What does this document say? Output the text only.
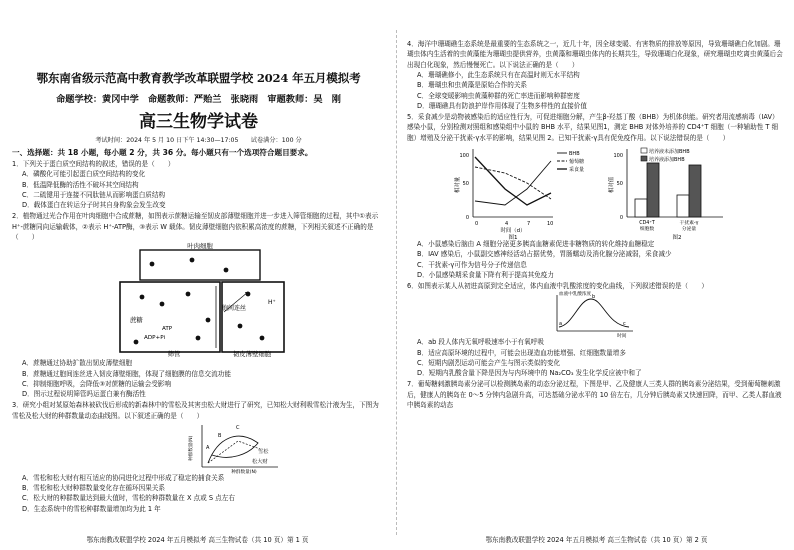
鄂东南省级示范高中教育教学改革联盟学校 2024 年五月模拟考
命题学校：黄冈中学　命题教师：严贻兰　张晓雨　审题教师：吴　刚
高三生物学试卷
考试时间：2024 年 5 月 10 日下午 14:30—17:05　　试卷满分：100 分
一、选择题：共 18 小题，每小题 2 分，共 36 分。每小题只有一个选项符合题目要求。
1．下列关于蛋白质空间结构的叙述，错误的是（　　）
A．磷酸化可能引起蛋白质空间结构的变化
B．低温降低酶的活性不破坏其空间结构
C．二硫键用于连接不同肽链从而影响蛋白质结构
D．载体蛋白在转运分子时其自身构象会发生改变
2．植物通过光合作用在叶肉细胞中合成蔗糖，如图表示蔗糖运输至韧皮部薄壁细胞并进一步进入筛管细胞的过程，其中①表示 H⁺-蔗糖同向运输载体，②表示 H⁺-ATP酶，③表示 W 载体。韧皮薄壁细胞内依积累高浓度的蔗糖，下列相关叙述不正确的是（　　）
叶肉细胞
筛管	韧皮薄壁细胞
胞间连丝
蔗糖
ADP+Pi
ATP
H⁺
A．蔗糖通过协助扩散出韧皮薄壁细胞
B．蔗糖通过胞间连丝进入韧皮薄壁细胞，体现了细胞膜的信息交流功能
C．抑制细胞呼吸，会降低③对蔗糖的运输会受影响
D．图示过程说明筛管吗运蛋白兼有酶活性
3．研究小组对某原始森林被砍伐后形成的新森林中的雪松及其害虫松大财进行了研究，已知松大财利吸雪松汁液为生，下图为雪松及松大财的种群数量动态曲线图。以下叙述正确的是（　　）
种群数量(N)
种群数量(N)
雪松
松大财
C
B
A
A．雪松和松大财有相互适应的协同进化过程中形成了稳定的捕食关系
B．雪松和松大财种群数量变化存在循环因果关系
C．松大财的种群数量达到最大值时，雪松的种群数量在 X 点或 S 点左右
D．生态系统中的雪松种群数量增加均为此 1 年
鄂东南教改联盟学校 2024 年五月模拟考 高三生物试卷（共 10 页）第 1 页
4．海洋中珊瑚礁生态系统是最重要的生态系统之一，近几十年，因全球变暖、有害物质的排放等原因，导致珊瑚礁白化加剧。珊瑚虫体内生活着的虫黄藻能为珊瑚虫提供营养，虫黄藻和珊瑚虫体内的长期共生，导致珊瑚白化现象，研究珊瑚虫吃离虫黄藻后会出现白化现象，然后慢慢死亡。以下说法正确的是（　　）
A．珊瑚礁修小，此生态系统只有在高温时则无水平结构
B．珊瑚虫和虫黄藻是原始合作的关系
C．全球变暖影响虫黄藻种群的死亡率进而影响种群密度
D．珊瑚礁具有防浪护岸作用体现了生物多样性的直接价值
5．采食减少是动物被感染后的适应性行为，可促进细胞分解，产生β-羟基丁酸（BHB）为机体供能。研究者用流感病毒（IAV）感染小鼠，分别检测对照组和感染组中小鼠的 BHB 水平，结果见图1，测定 BHB 对体外培养的 CD4⁺T 细胞（一种辅助性 T 细胞）增殖及分泌干扰素-γ水平的影响，结果见图 2。已知干扰素-γ具有促免疫作用。以下说法错误的是（　　）
100
50
0
相对量
0	4	7	10
时间（d）
图1
BHB
葡萄糖
采食量
100
50
0
相对值
CD4⁺T
细胞数
干扰素-γ
分泌量
图2
培养液未添加BHB
培养液添加BHB
A．小鼠感染后脑由 A 细胞分泌更多胰高血糖素促进非糖物质的转化维持血糖稳定
B．IAV 感染后，小鼠副交感神经活动占据优势，胃肠蠕动及消化腺分泌减弱，采食减少
C．干扰素-γ可作为信号分子传递信息
D．小鼠感染期采食量下降有利于提高其免疫力
6．如图表示某人从初进高原到完全适应，体内血液中乳酸浓度的变化曲线，下列叙述错误的是（　　）
血液中乳酸浓度
时间
a
b
c
A．ab 段人体内无氧呼吸速率小于有氧呼吸
B．适应高原环境的过程中，可能会出现造血功能增强、红细胞数量增多
C．短期内剧烈运动可能会产生与图示类似的变化
D．短期内乳酸含量下降是因为与内环境中的 Na₂CO₃ 发生化学反应被中和了
7．葡萄糖刺激胰岛素分泌可以检测胰岛素的动态分泌过程，下图是甲、乙及健康人三类人群的胰岛素分泌结果，受到葡萄糖刺激后，健康人的胰岛在 0～5 分钟内急剧升高，可达基础分泌水平的 10 倍左右，几分钟后胰岛素又快速回降，而甲、乙类人群血液中胰岛素的动态
鄂东南教改联盟学校 2024 年五月模拟考 高三生物试卷（共 10 页）第 2 页
